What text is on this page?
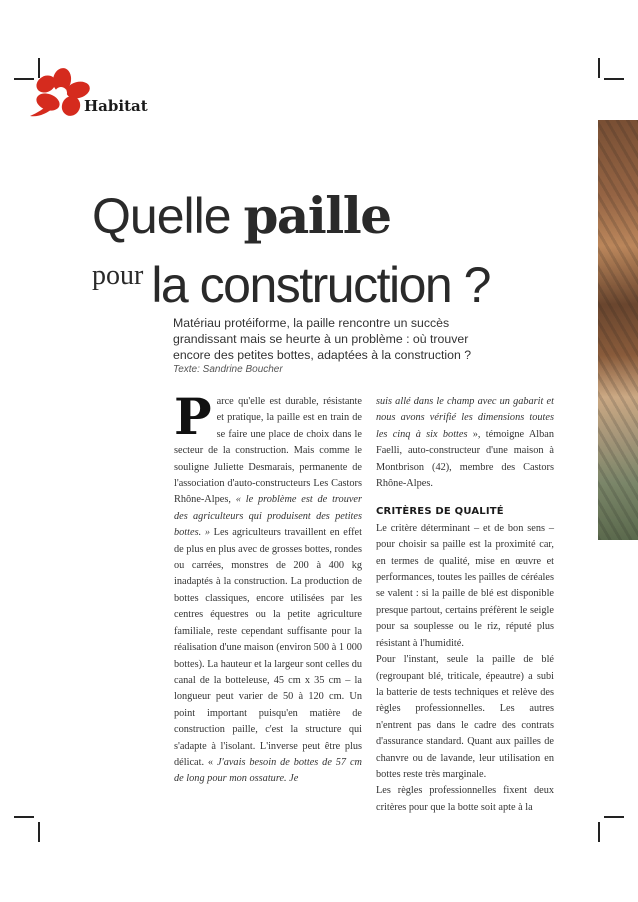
Habitat
Quelle paille
pour la construction ?
Matériau protéiforme, la paille rencontre un succès grandissant mais se heurte à un problème : où trouver encore des petites bottes, adaptées à la construction ?
Texte: Sandrine Boucher

Parce qu'elle est durable, résistante et pratique, la paille est en train de se faire une place de choix dans le secteur de la construction. Mais comme le souligne Juliette Desmarais, permanente de l'association d'auto-constructeurs Les Castors Rhône-Alpes, « le problème est de trouver des agriculteurs qui produisent des petites bottes. » Les agriculteurs travaillent en effet de plus en plus avec de grosses bottes, rondes ou carrées, monstres de 200 à 400 kg inadaptés à la construction. La production de bottes classiques, encore utilisées par les centres équestres ou la petite agriculture familiale, reste cependant suffisante pour la réalisation d'une maison (environ 500 à 1 000 bottes). La hauteur et la largeur sont celles du canal de la botteleuse, 45 cm x 35 cm – la longueur peut varier de 50 à 120 cm. Un point important puisqu'en matière de construction paille, c'est la structure qui s'adapte à l'isolant. L'inverse peut être plus délicat. « J'avais besoin de bottes de 57 cm de long pour mon ossature. Je

suis allé dans le champ avec un gabarit et nous avons vérifié les dimensions toutes les cinq à six bottes », témoigne Alban Faelli, auto-constructeur d'une maison à Montbrison (42), membre des Castors Rhône-Alpes.

CRITÈRES DE QUALITÉ

Le critère déterminant – et de bon sens – pour choisir sa paille est la proximité car, en termes de qualité, mise en œuvre et performances, toutes les pailles de céréales se valent : si la paille de blé est disponible presque partout, certains préfèrent le seigle pour sa souplesse ou le riz, réputé plus résistant à l'humidité.

Pour l'instant, seule la paille de blé (regroupant blé, triticale, épeautre) a subi la batterie de tests techniques et relève des règles professionnelles. Les autres n'entrent pas dans le cadre des contrats d'assurance standard. Quant aux pailles de chanvre ou de lavande, leur utilisation en bottes reste très marginale.

Les règles professionnelles fixent deux critères pour que la botte soit apte à la
